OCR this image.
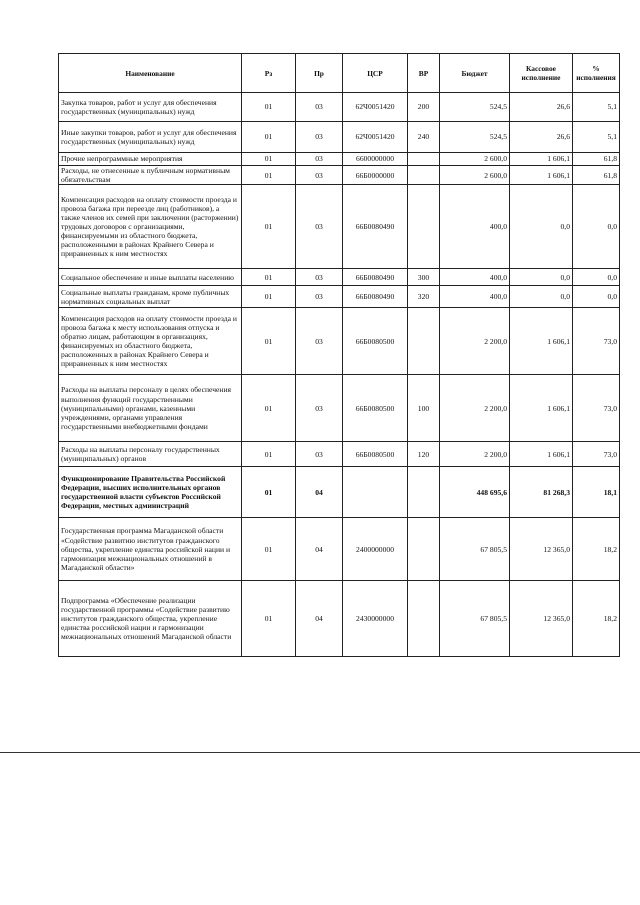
Наименование	Рз	Пр	ЦСР	ВР	Бюджет	Кассовое исполнение	% исполнения
Закупка товаров, работ и услуг для обеспечения государственных (муниципальных) нужд	01	03	62Ч0051420	200	524,5	26,6	5,1
Иные закупки товаров, работ и услуг для обеспечения государственных (муниципальных) нужд	01	03	62Ч0051420	240	524,5	26,6	5,1
Прочие непрограммные мероприятия	01	03	6600000000		2 600,0	1 606,1	61,8
Расходы, не отнесенные к публичным нормативным обязательствам	01	03	66Б0000000		2 600,0	1 606,1	61,8
Компенсация расходов на оплату стоимости проезда и провоза багажа при переезде лиц (работников), а также членов их семей при заключении (расторжении) трудовых договоров с организациями, финансируемыми из областного бюджета, расположенными в районах Крайнего Севера и приравненных к ним местностях	01	03	66Б0080490		400,0	0,0	0,0
Социальное обеспечение и иные выплаты населению	01	03	66Б0080490	300	400,0	0,0	0,0
Социальные выплаты гражданам, кроме публичных нормативных социальных выплат	01	03	66Б0080490	320	400,0	0,0	0,0
Компенсация расходов на оплату стоимости проезда и провоза багажа к месту использования отпуска и обратно лицам, работающим в организациях, финансируемых из областного бюджета, расположенных в районах Крайнего Севера и приравненных к ним местностях	01	03	66Б0080500		2 200,0	1 606,1	73,0
Расходы на выплаты персоналу в целях обеспечения выполнения функций государственными (муниципальными) органами, казенными учреждениями, органами управления государственными внебюджетными фондами	01	03	66Б0080500	100	2 200,0	1 606,1	73,0
Расходы на выплаты персоналу государственных (муниципальных) органов	01	03	66Б0080500	120	2 200,0	1 606,1	73,0
Функционирование Правительства Российской Федерации, высших исполнительных органов государственной власти субъектов Российской Федерации, местных администраций	01	04			448 695,6	81 268,3	18,1
Государственная программа Магаданской области «Содействие развитию институтов гражданского общества, укрепление единства российской нации и гармонизация межнациональных отношений в Магаданской области»	01	04	2400000000		67 805,5	12 365,0	18,2
Подпрограмма «Обеспечение реализации государственной программы «Содействие развитию институтов гражданского общества, укрепление единства российской нации и гармонизации межнациональных отношений Магаданской области	01	04	2430000000		67 805,5	12 365,0	18,2
